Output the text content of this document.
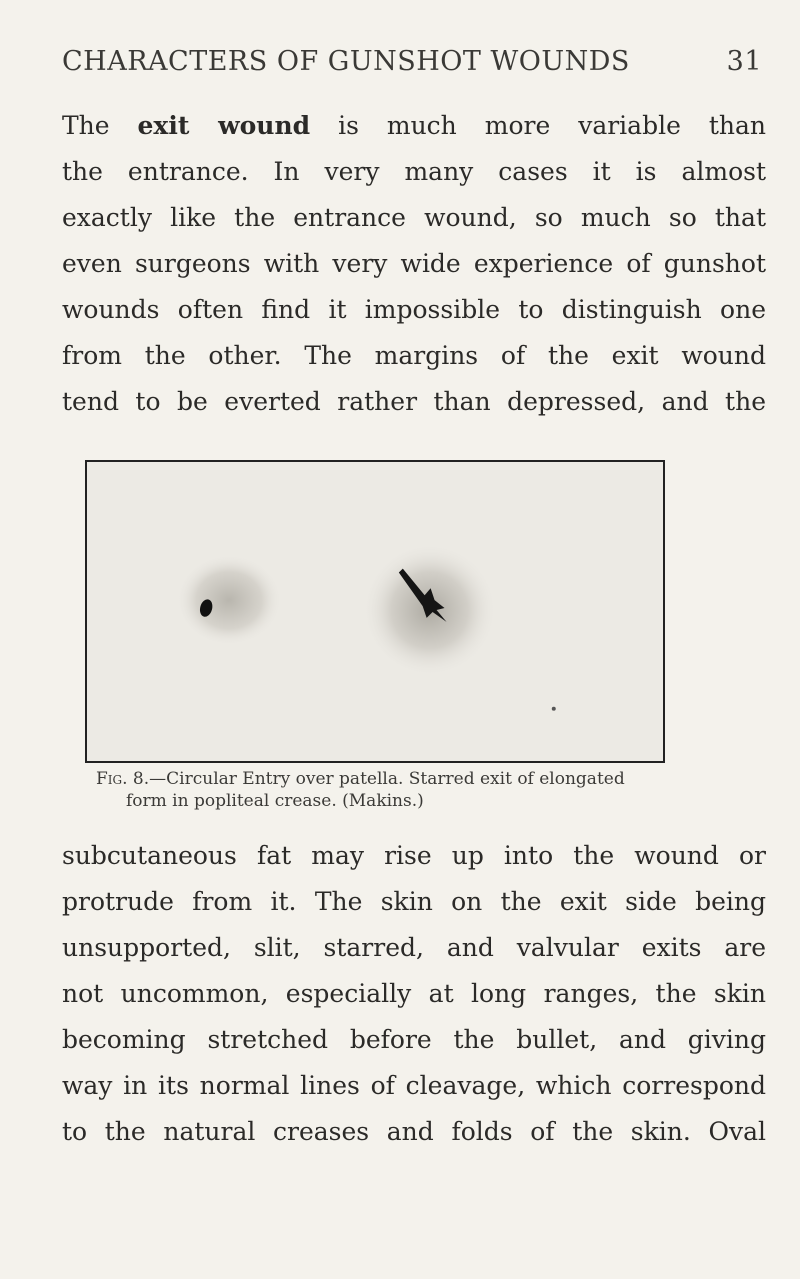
CHARACTERS OF GUNSHOT WOUNDS	31

The exit wound is much more variable than
the entrance. In very many cases it is almost
exactly like the entrance wound, so much so that
even surgeons with very wide experience of gunshot
wounds often find it impossible to distinguish one
from the other. The margins of the exit wound
tend to be everted rather than depressed, and the

Fig. 8.—Circular Entry over patella. Starred exit of elongated
form in popliteal crease. (Makins.)

subcutaneous fat may rise up into the wound or
protrude from it. The skin on the exit side being
unsupported, slit, starred, and valvular exits are
not uncommon, especially at long ranges, the skin
becoming stretched before the bullet, and giving
way in its normal lines of cleavage, which correspond
to the natural creases and folds of the skin. Oval
